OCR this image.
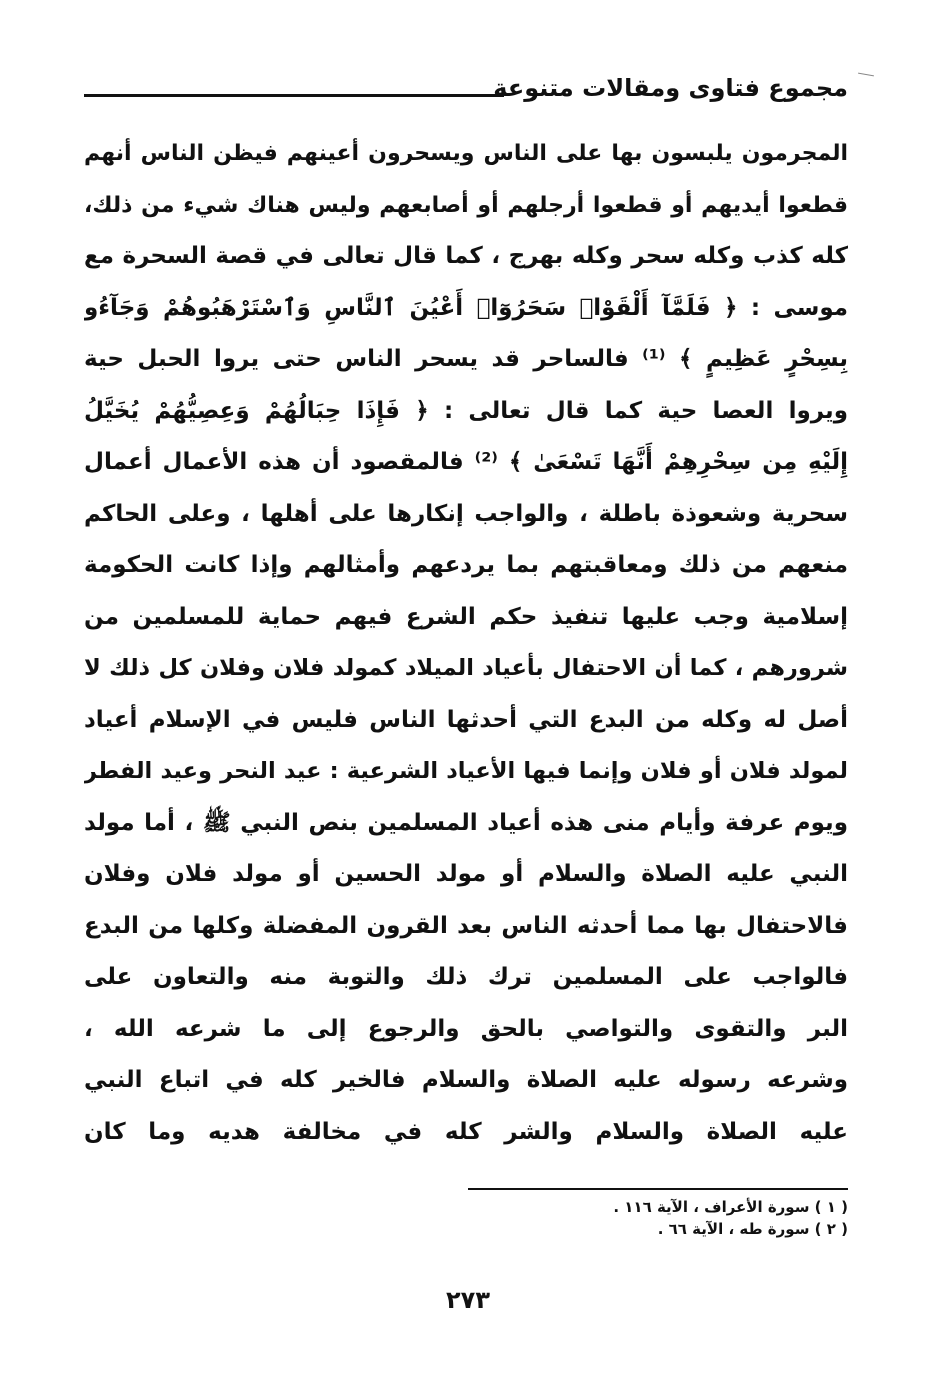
مجموع فتاوى ومقالات متنوعة
المجرمون يلبسون بها على الناس ويسحرون أعينهم فيظن الناس أنهم
قطعوا أيديهم أو قطعوا أرجلهم أو أصابعهم وليس هناك شيء من ذلك،
كله كذب وكله سحر وكله بهرج ، كما قال تعالى في قصة السحرة مع
موسى : ﴿ فَلَمَّآ أَلْقَوْا۟ سَحَرُوٓا۟ أَعْيُنَ ٱلنَّاسِ وَٱسْتَرْهَبُوهُمْ وَجَآءُو
بِسِحْرٍ عَظِيمٍ ﴾ ⁽¹⁾ فالساحر قد يسحر الناس حتى يروا الحبل حية
ويروا العصا حية كما قال تعالى : ﴿ فَإِذَا حِبَالُهُمْ وَعِصِيُّهُمْ يُخَيَّلُ
إِلَيْهِ مِن سِحْرِهِمْ أَنَّهَا تَسْعَىٰ ﴾ ⁽²⁾ فالمقصود أن هذه الأعمال أعمال
سحرية وشعوذة باطلة ، والواجب إنكارها على أهلها ، وعلى الحاكم
منعهم من ذلك ومعاقبتهم بما يردعهم وأمثالهم وإذا كانت الحكومة
إسلامية وجب عليها تنفيذ حكم الشرع فيهم حماية للمسلمين من
شرورهم ، كما أن الاحتفال بأعياد الميلاد كمولد فلان وفلان كل ذلك لا
أصل له وكله من البدع التي أحدثها الناس فليس في الإسلام أعياد
لمولد فلان أو فلان وإنما فيها الأعياد الشرعية : عيد النحر وعيد الفطر
ويوم عرفة وأيام منى هذه أعياد المسلمين بنص النبي ﷺ ، أما مولد
النبي عليه الصلاة والسلام أو مولد الحسين أو مولد فلان وفلان
فالاحتفال بها مما أحدثه الناس بعد القرون المفضلة وكلها من البدع
فالواجب على المسلمين ترك ذلك والتوبة منه والتعاون على
البر والتقوى والتواصي بالحق والرجوع إلى ما شرعه الله ،
وشرعه رسوله عليه الصلاة والسلام فالخير كله في اتباع النبي
عليه الصلاة والسلام والشر كله في مخالفة هديه وما كان
( ١ ) سورة الأعراف ، الآية ١١٦ .
( ٢ ) سورة طه ، الآية ٦٦ .
٢٧٣
